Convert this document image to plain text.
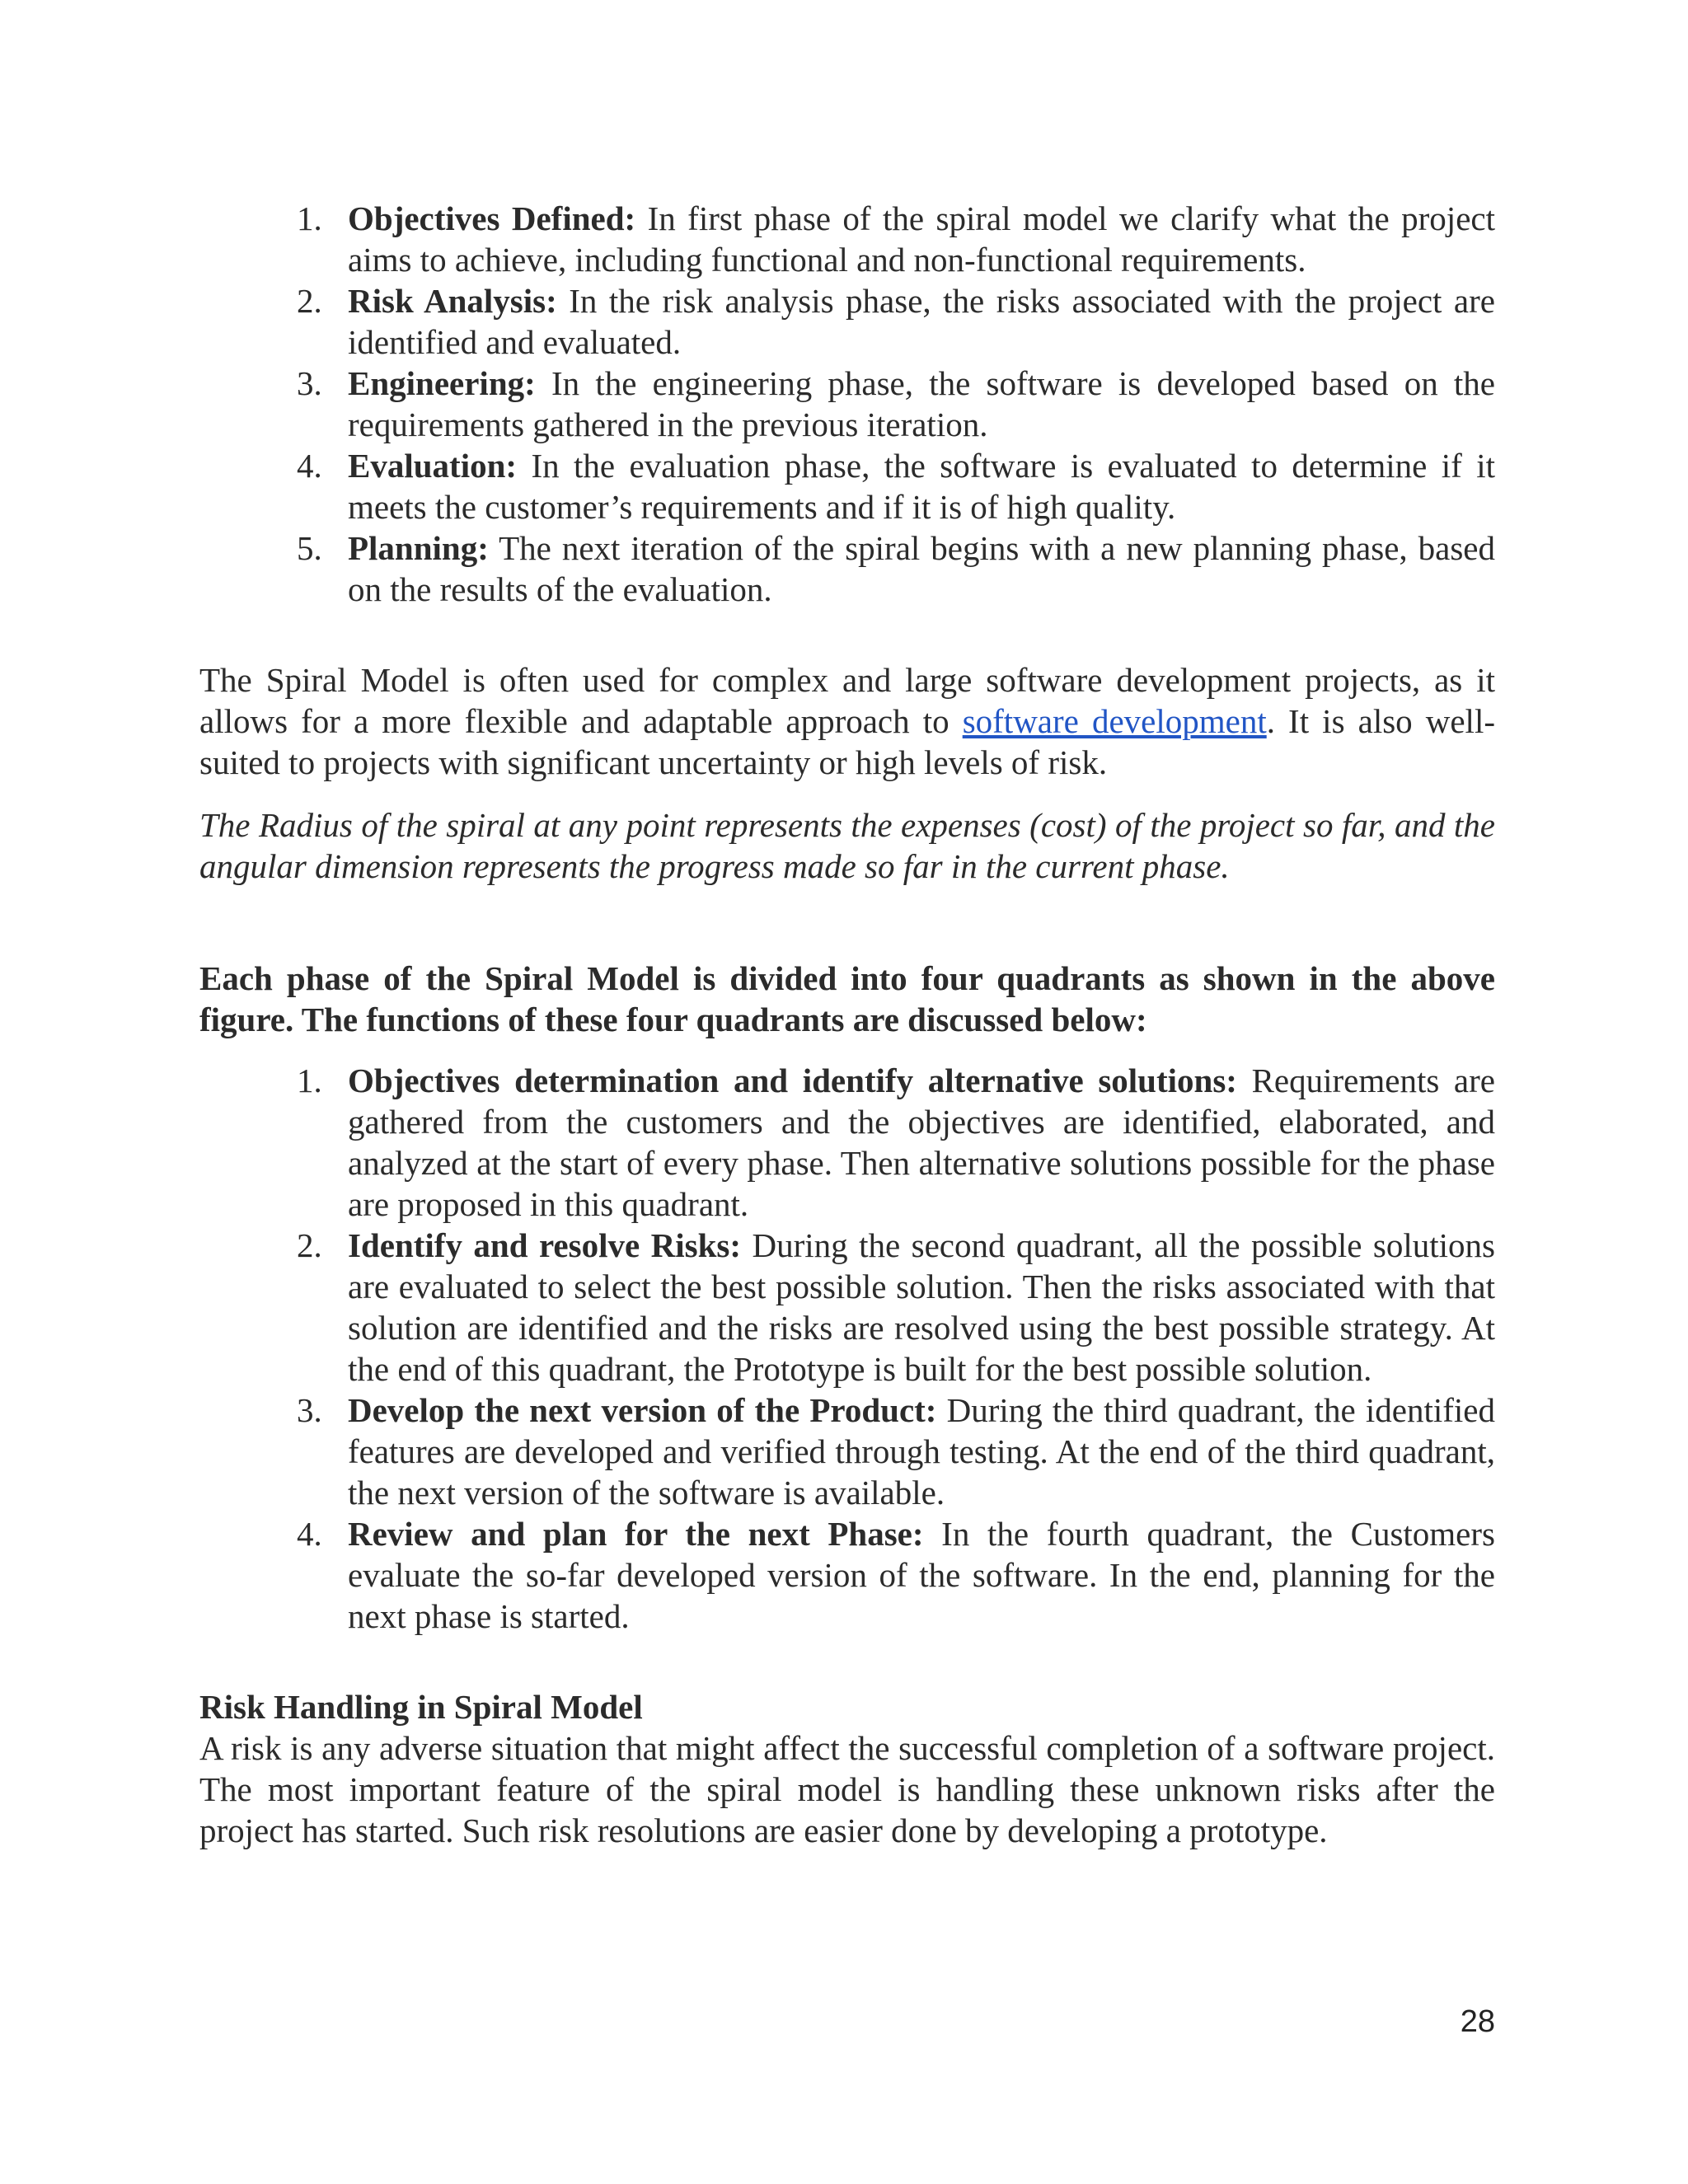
1. Objectives Defined: In first phase of the spiral model we clarify what the project aims to achieve, including functional and non-functional requirements.
2. Risk Analysis: In the risk analysis phase, the risks associated with the project are identified and evaluated.
3. Engineering: In the engineering phase, the software is developed based on the requirements gathered in the previous iteration.
4. Evaluation: In the evaluation phase, the software is evaluated to determine if it meets the customer’s requirements and if it is of high quality.
5. Planning: The next iteration of the spiral begins with a new planning phase, based on the results of the evaluation.

The Spiral Model is often used for complex and large software development projects, as it allows for a more flexible and adaptable approach to software development. It is also well-suited to projects with significant uncertainty or high levels of risk.

The Radius of the spiral at any point represents the expenses (cost) of the project so far, and the angular dimension represents the progress made so far in the current phase.

Each phase of the Spiral Model is divided into four quadrants as shown in the above figure. The functions of these four quadrants are discussed below:

1. Objectives determination and identify alternative solutions: Requirements are gathered from the customers and the objectives are identified, elaborated, and analyzed at the start of every phase. Then alternative solutions possible for the phase are proposed in this quadrant.
2. Identify and resolve Risks: During the second quadrant, all the possible solutions are evaluated to select the best possible solution. Then the risks associated with that solution are identified and the risks are resolved using the best possible strategy. At the end of this quadrant, the Prototype is built for the best possible solution.
3. Develop the next version of the Product: During the third quadrant, the identified features are developed and verified through testing. At the end of the third quadrant, the next version of the software is available.
4. Review and plan for the next Phase: In the fourth quadrant, the Customers evaluate the so-far developed version of the software. In the end, planning for the next phase is started.

Risk Handling in Spiral Model

A risk is any adverse situation that might affect the successful completion of a software project. The most important feature of the spiral model is handling these unknown risks after the project has started. Such risk resolutions are easier done by developing a prototype.

28
